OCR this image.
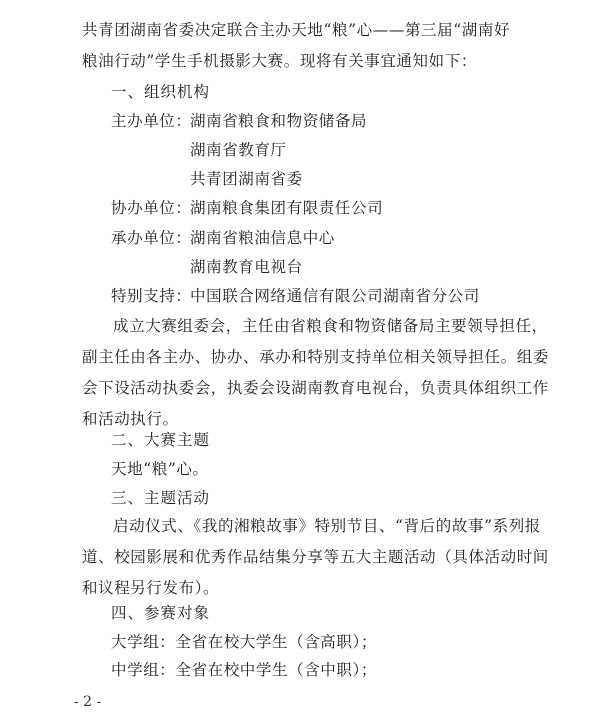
共青团湖南省委决定联合主办天地“粮”心——第三届“湖南好
粮油行动”学生手机摄影大赛。现将有关事宜通知如下：
一、组织机构
主办单位：
湖南省粮食和物资储备局
湖南省教育厅
共青团湖南省委
协办单位：
湖南粮食集团有限责任公司
承办单位：
湖南省粮油信息中心
湖南教育电视台
特别支持：
中国联合网络通信有限公司湖南省分公司

成立大赛组委会，主任由省粮食和物资储备局主要领导担任，副主任由各主办、协办、承办和特别支持单位相关领导担任。组委会下设活动执委会，执委会设湖南教育电视台，负责具体组织工作和活动执行。

二、大赛主题
天地“粮”心。
三、主题活动

启动仪式、《我的湘粮故事》特别节目、“背后的故事”系列报道、校园影展和优秀作品结集分享等五大主题活动（具体活动时间和议程另行发布）。

四、参赛对象
大学组：全省在校大学生（含高职）；
中学组：全省在校中学生（含中职）；
- 2 -
